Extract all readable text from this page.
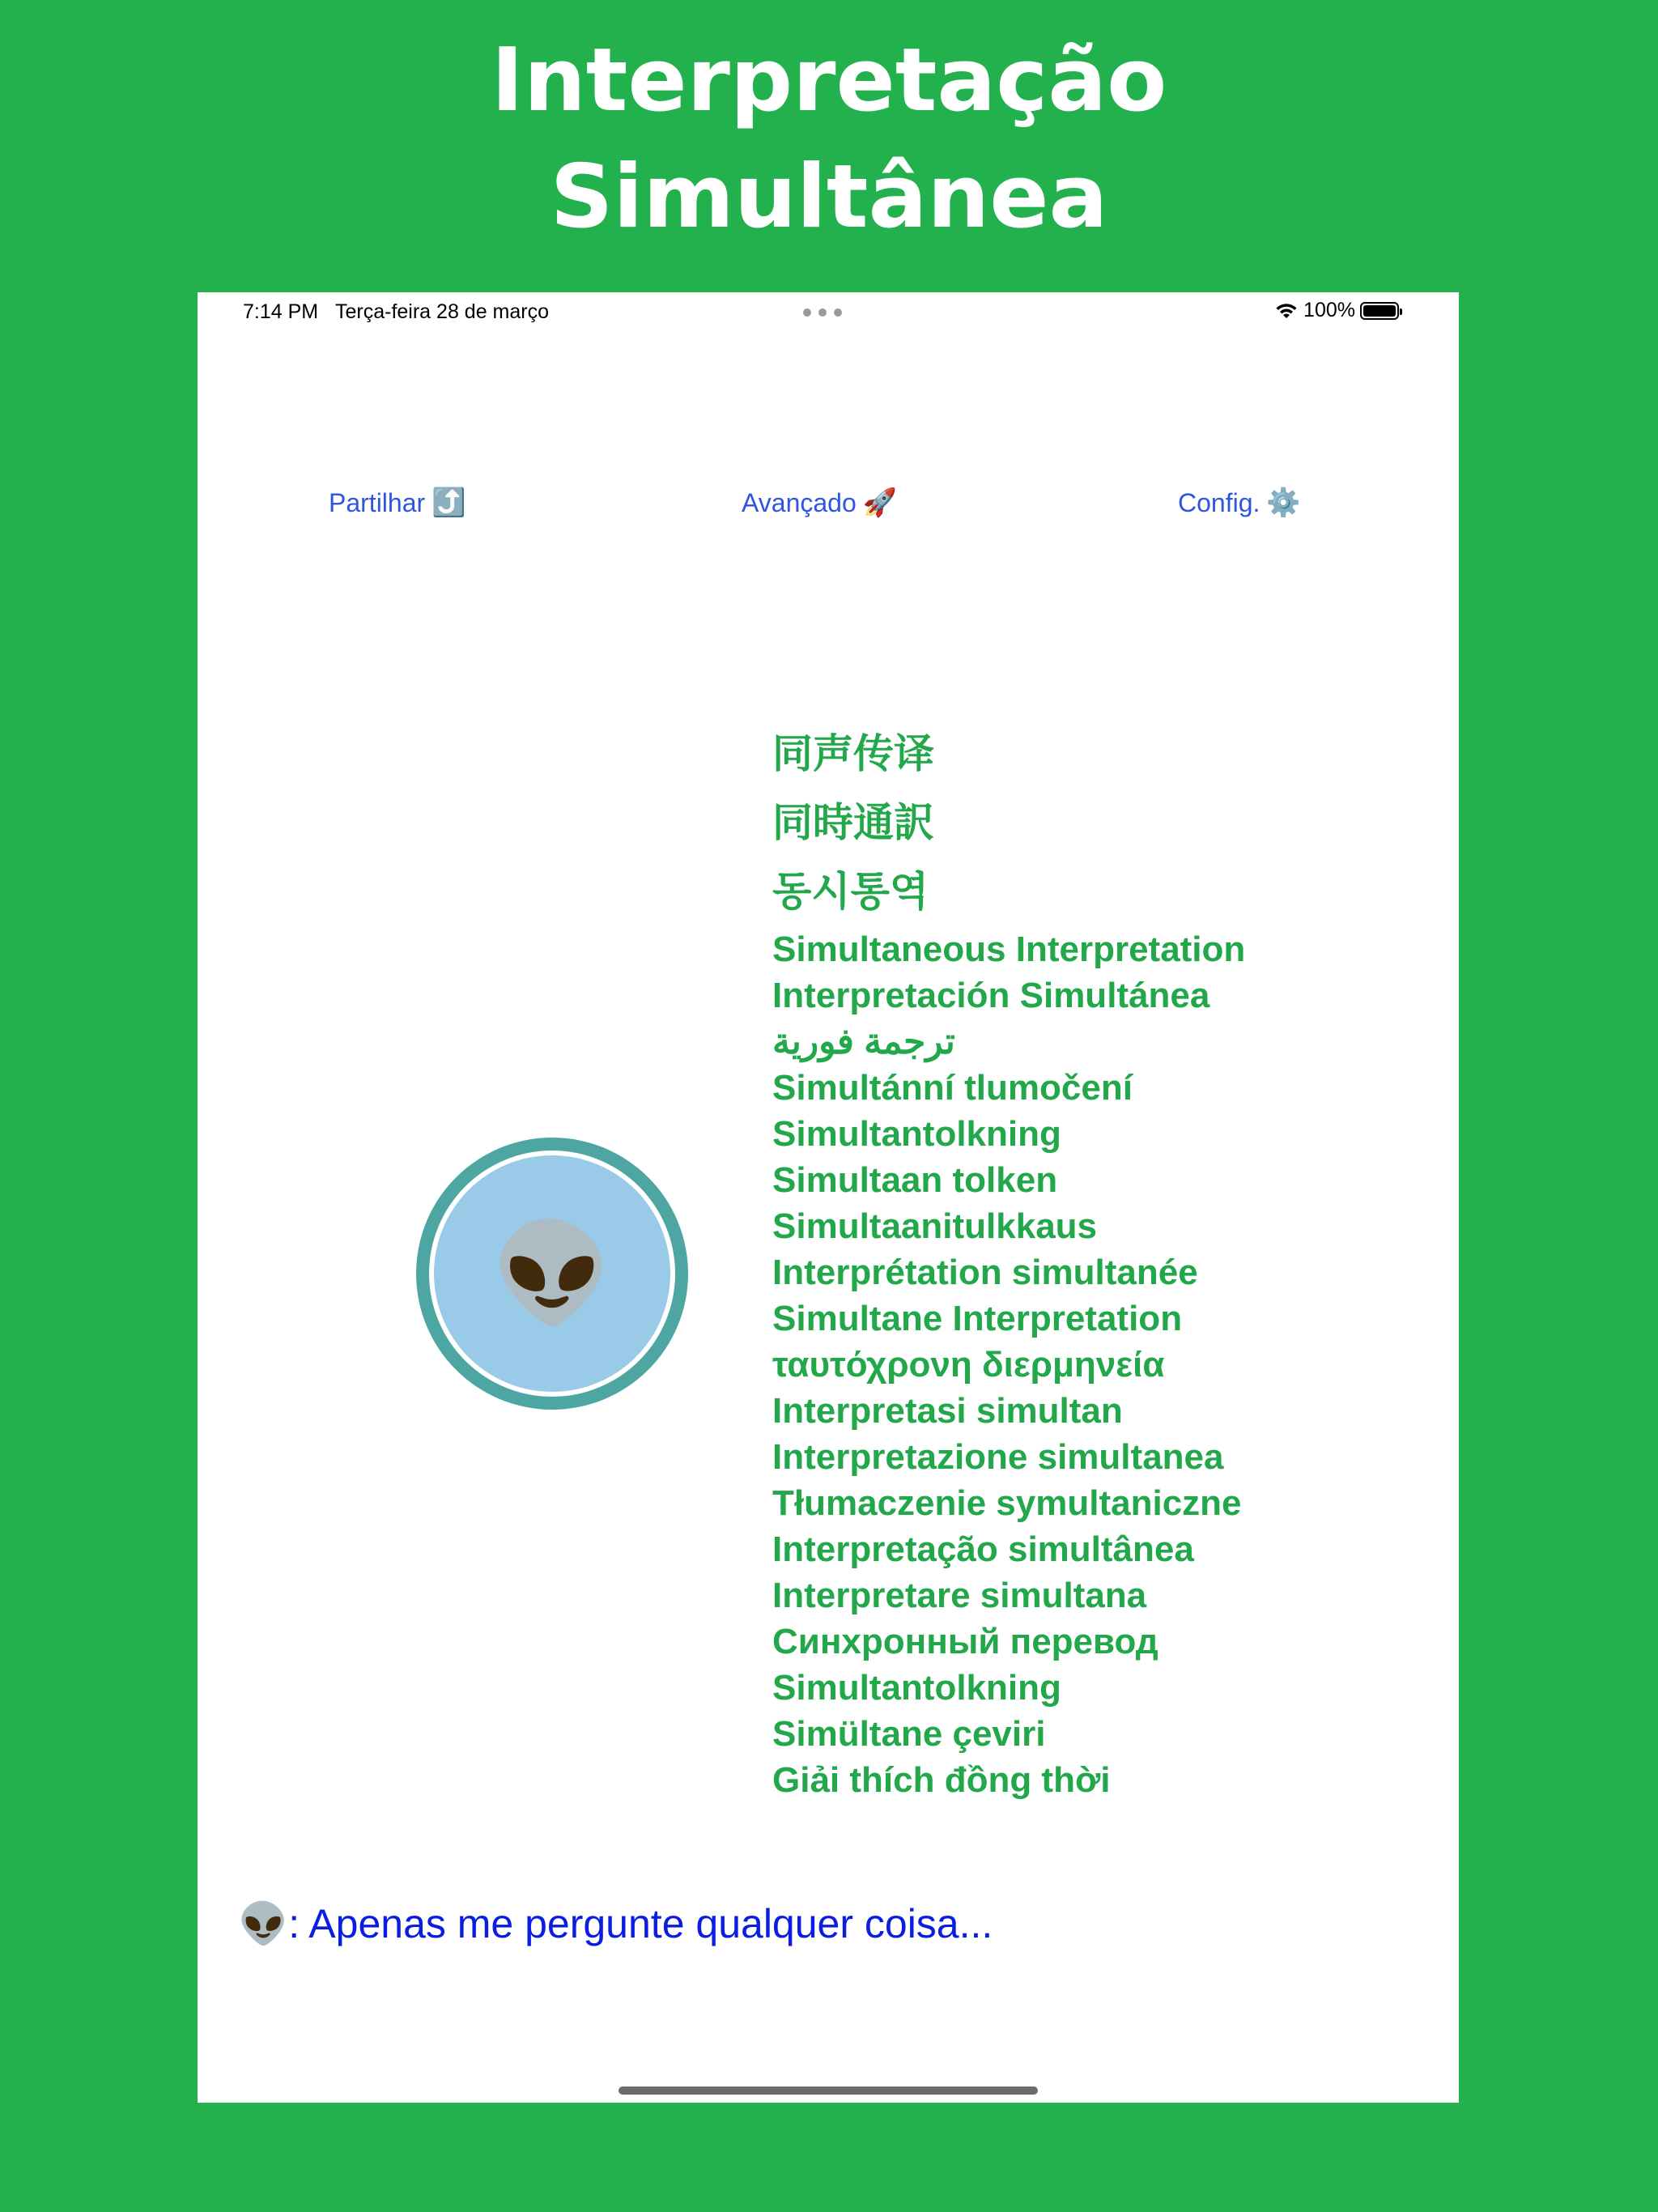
Interpretação
Simultânea
7:14 PM Terça-feira 28 de março	100%
Partilhar ⤴️	Avançado 🚀	Config. ⚙️
👽
同声传译
同時通訳
동시통역
Simultaneous Interpretation
Interpretación Simultánea
ترجمة فورية
Simultánní tlumočení
Simultantolkning
Simultaan tolken
Simultaanitulkkaus
Interprétation simultanée
Simultane Interpretation
ταυτόχρονη διερμηνεία
Interpretasi simultan
Interpretazione simultanea
Tłumaczenie symultaniczne
Interpretação simultânea
Interpretare simultana
Синхронный перевод
Simultantolkning
Simültane çeviri
Giải thích đồng thời
👽: Apenas me pergunte qualquer coisa...
